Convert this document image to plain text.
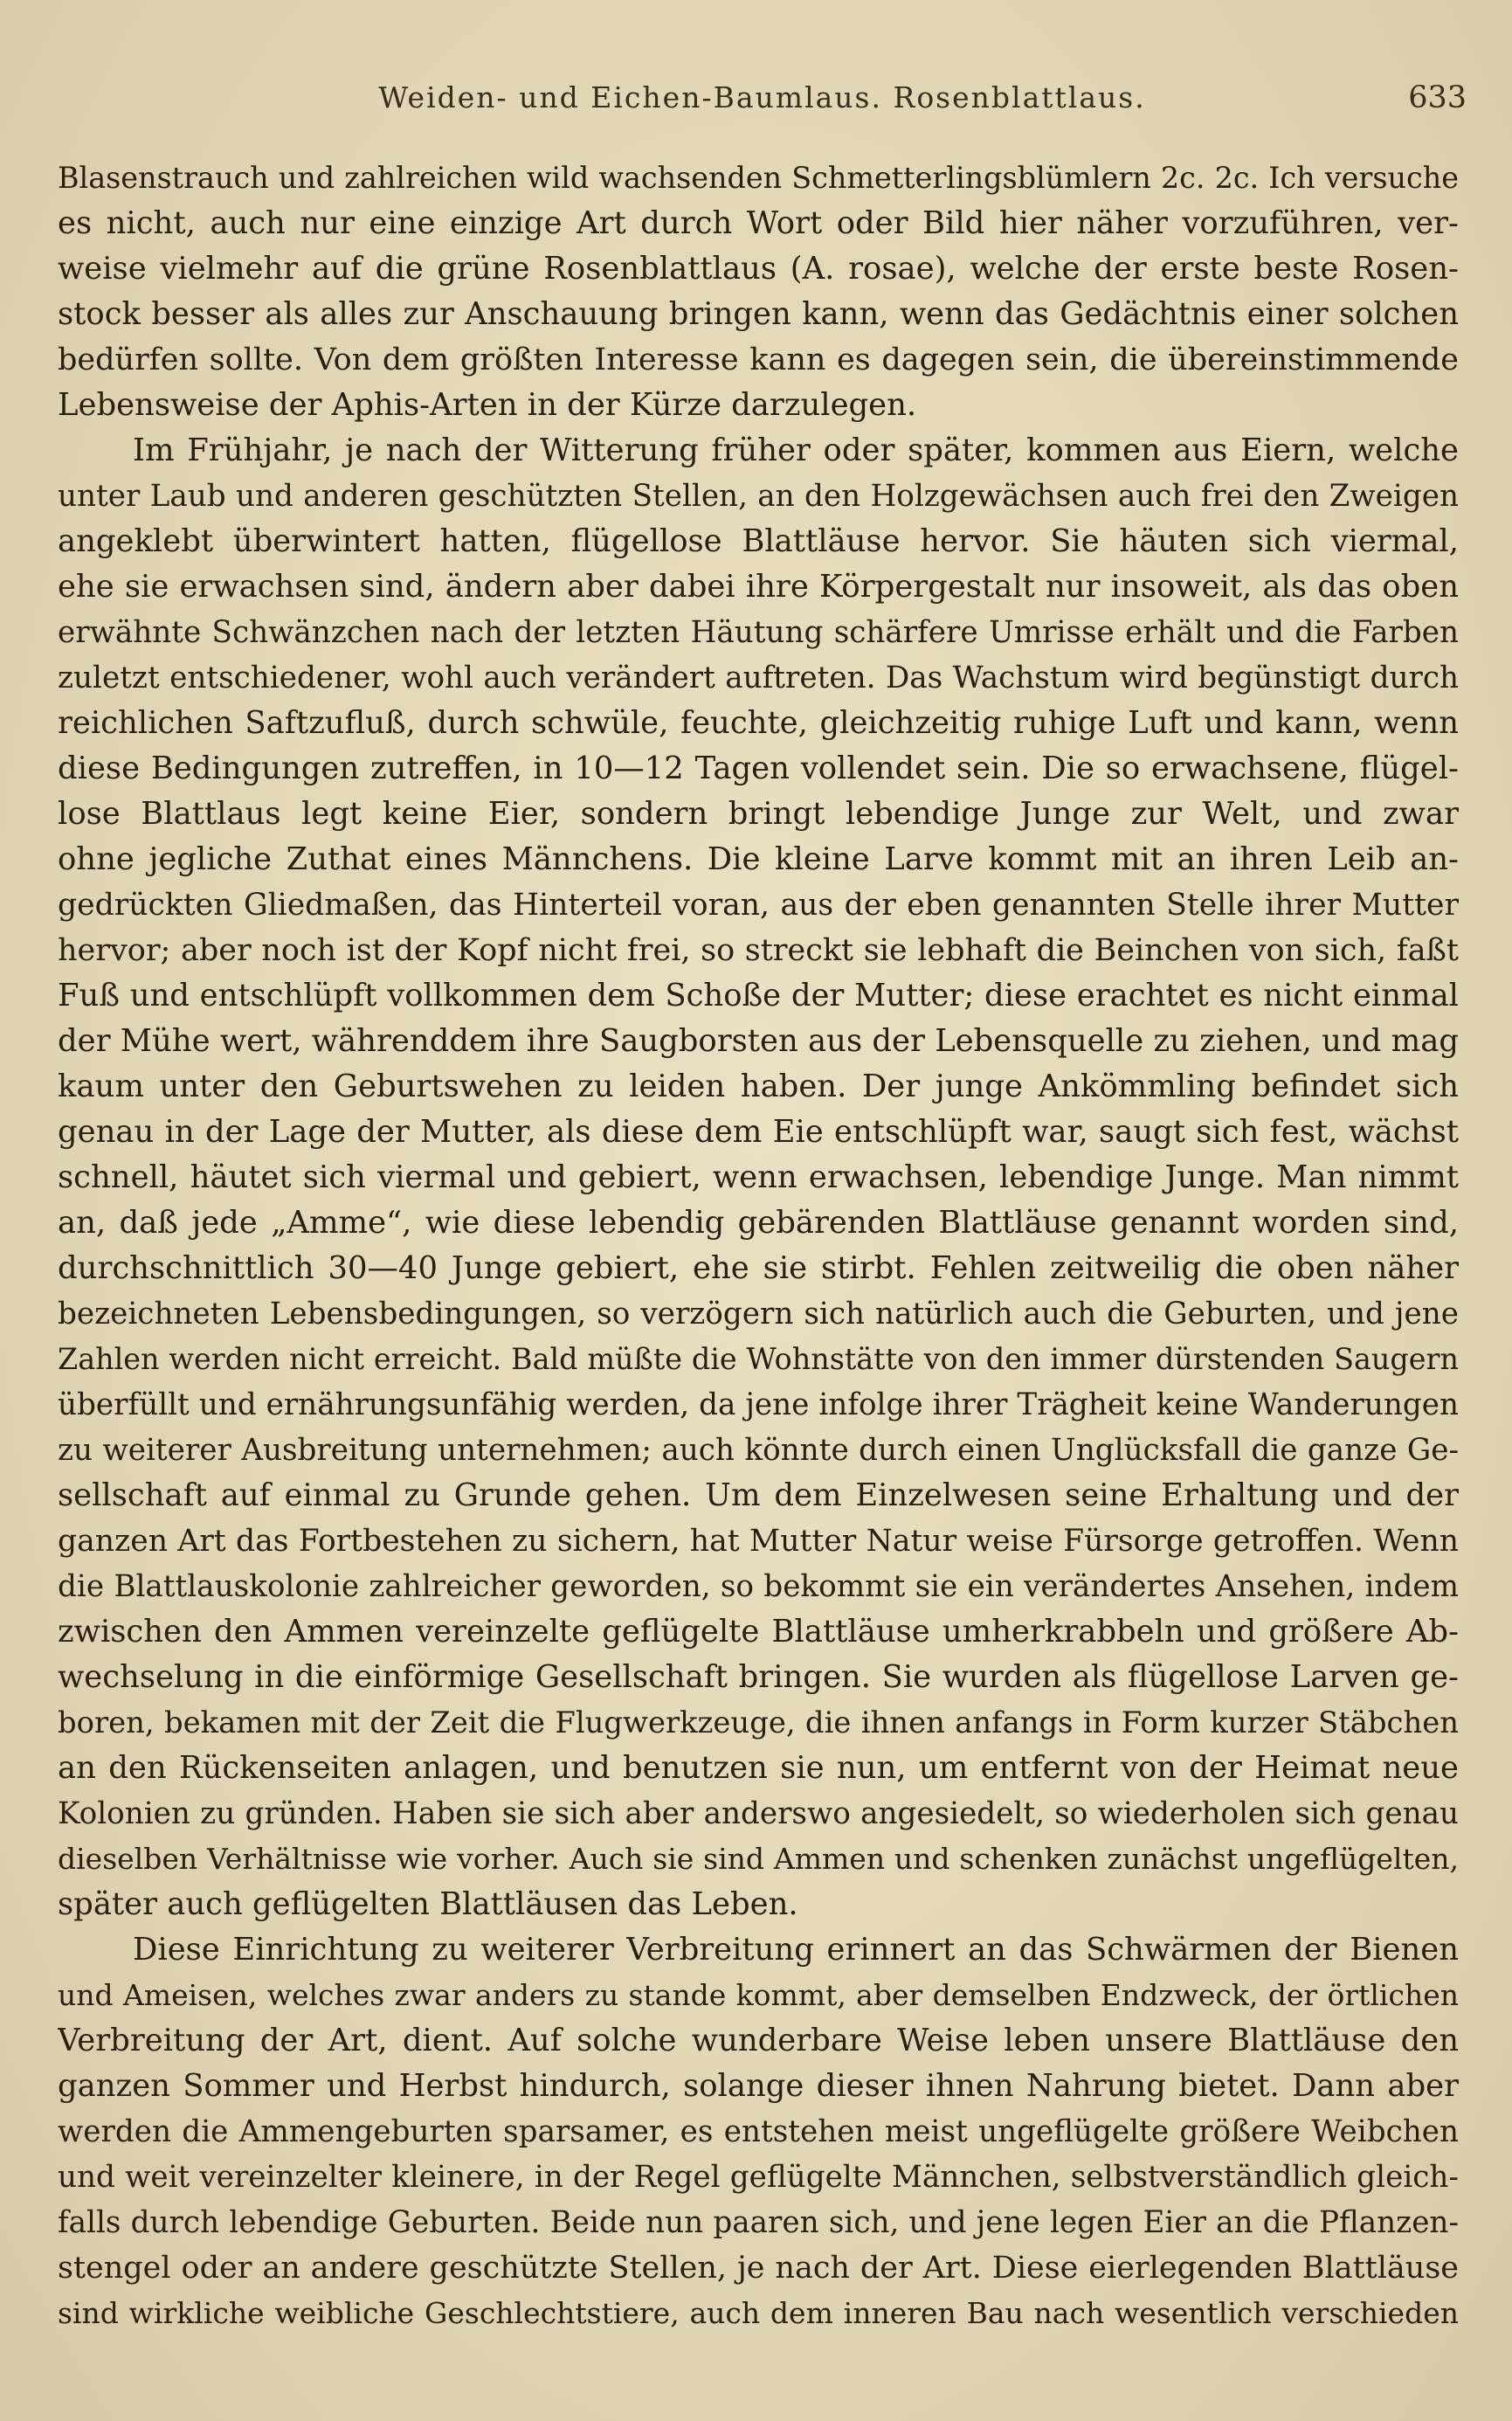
Weiden- und Eichen-Baumlaus. Rosenblattlaus.	633
Blasenstrauch und zahlreichen wild wachsenden Schmetterlingsblümlern 2c. 2c. Ich versuche
es nicht, auch nur eine einzige Art durch Wort oder Bild hier näher vorzuführen, ver-
weise vielmehr auf die grüne Rosenblattlaus (A. rosae), welche der erste beste Rosen-
stock besser als alles zur Anschauung bringen kann, wenn das Gedächtnis einer solchen
bedürfen sollte. Von dem größten Interesse kann es dagegen sein, die übereinstimmende
Lebensweise der Aphis-Arten in der Kürze darzulegen.
Im Frühjahr, je nach der Witterung früher oder später, kommen aus Eiern, welche
unter Laub und anderen geschützten Stellen, an den Holzgewächsen auch frei den Zweigen
angeklebt überwintert hatten, flügellose Blattläuse hervor. Sie häuten sich viermal,
ehe sie erwachsen sind, ändern aber dabei ihre Körpergestalt nur insoweit, als das oben
erwähnte Schwänzchen nach der letzten Häutung schärfere Umrisse erhält und die Farben
zuletzt entschiedener, wohl auch verändert auftreten. Das Wachstum wird begünstigt durch
reichlichen Saftzufluß, durch schwüle, feuchte, gleichzeitig ruhige Luft und kann, wenn
diese Bedingungen zutreffen, in 10—12 Tagen vollendet sein. Die so erwachsene, flügel-
lose Blattlaus legt keine Eier, sondern bringt lebendige Junge zur Welt, und zwar
ohne jegliche Zuthat eines Männchens. Die kleine Larve kommt mit an ihren Leib an-
gedrückten Gliedmaßen, das Hinterteil voran, aus der eben genannten Stelle ihrer Mutter
hervor; aber noch ist der Kopf nicht frei, so streckt sie lebhaft die Beinchen von sich, faßt
Fuß und entschlüpft vollkommen dem Schoße der Mutter; diese erachtet es nicht einmal
der Mühe wert, währenddem ihre Saugborsten aus der Lebensquelle zu ziehen, und mag
kaum unter den Geburtswehen zu leiden haben. Der junge Ankömmling befindet sich
genau in der Lage der Mutter, als diese dem Eie entschlüpft war, saugt sich fest, wächst
schnell, häutet sich viermal und gebiert, wenn erwachsen, lebendige Junge. Man nimmt
an, daß jede „Amme“, wie diese lebendig gebärenden Blattläuse genannt worden sind,
durchschnittlich 30—40 Junge gebiert, ehe sie stirbt. Fehlen zeitweilig die oben näher
bezeichneten Lebensbedingungen, so verzögern sich natürlich auch die Geburten, und jene
Zahlen werden nicht erreicht. Bald müßte die Wohnstätte von den immer dürstenden Saugern
überfüllt und ernährungsunfähig werden, da jene infolge ihrer Trägheit keine Wanderungen
zu weiterer Ausbreitung unternehmen; auch könnte durch einen Unglücksfall die ganze Ge-
sellschaft auf einmal zu Grunde gehen. Um dem Einzelwesen seine Erhaltung und der
ganzen Art das Fortbestehen zu sichern, hat Mutter Natur weise Fürsorge getroffen. Wenn
die Blattlauskolonie zahlreicher geworden, so bekommt sie ein verändertes Ansehen, indem
zwischen den Ammen vereinzelte geflügelte Blattläuse umherkrabbeln und größere Ab-
wechselung in die einförmige Gesellschaft bringen. Sie wurden als flügellose Larven ge-
boren, bekamen mit der Zeit die Flugwerkzeuge, die ihnen anfangs in Form kurzer Stäbchen
an den Rückenseiten anlagen, und benutzen sie nun, um entfernt von der Heimat neue
Kolonien zu gründen. Haben sie sich aber anderswo angesiedelt, so wiederholen sich genau
dieselben Verhältnisse wie vorher. Auch sie sind Ammen und schenken zunächst ungeflügelten,
später auch geflügelten Blattläusen das Leben.
Diese Einrichtung zu weiterer Verbreitung erinnert an das Schwärmen der Bienen
und Ameisen, welches zwar anders zu stande kommt, aber demselben Endzweck, der örtlichen
Verbreitung der Art, dient. Auf solche wunderbare Weise leben unsere Blattläuse den
ganzen Sommer und Herbst hindurch, solange dieser ihnen Nahrung bietet. Dann aber
werden die Ammengeburten sparsamer, es entstehen meist ungeflügelte größere Weibchen
und weit vereinzelter kleinere, in der Regel geflügelte Männchen, selbstverständlich gleich-
falls durch lebendige Geburten. Beide nun paaren sich, und jene legen Eier an die Pflanzen-
stengel oder an andere geschützte Stellen, je nach der Art. Diese eierlegenden Blattläuse
sind wirkliche weibliche Geschlechtstiere, auch dem inneren Bau nach wesentlich verschieden
